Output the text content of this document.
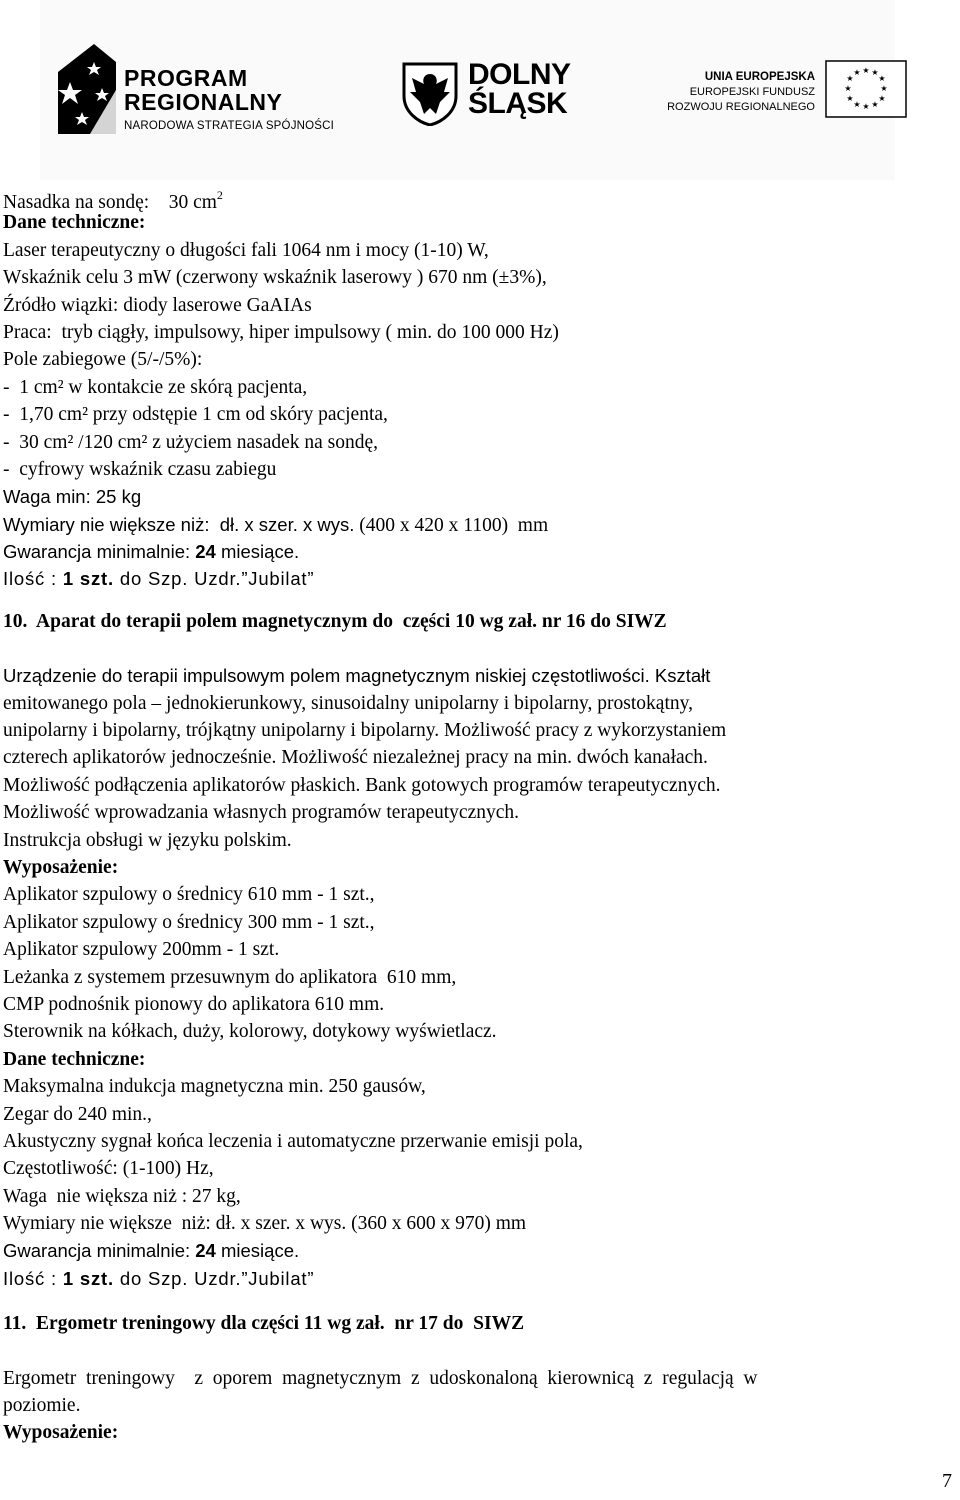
PROGRAM
REGIONALNY
NARODOWA STRATEGIA SPÓJNOŚCI
DOLNY
ŚLĄSK
UNIA EUROPEJSKA
EUROPEJSKI FUNDUSZ
ROZWOJU REGIONALNEGO
★ ★
★
★
★
★
★
★
★
★
★
★
Nasadka na sondę:    30 $cm^2$
Dane techniczne:
Laser terapeutyczny o długości fali 1064 nm i mocy (1-10) W,
Wskaźnik celu 3 mW (czerwony wskaźnik laserowy ) 670 nm (±3%),
Źródło wiązki: diody laserowe GaAIAs
Praca:  tryb ciągły, impulsowy, hiper impulsowy ( min. do 100 000 Hz)
Pole zabiegowe (5/-/5%):
-  1 cm² w kontakcie ze skórą pacjenta,
-  1,70 cm² przy odstępie 1 cm od skóry pacjenta,
-  30 cm² /120 cm² z użyciem nasadek na sondę,
-  cyfrowy wskaźnik czasu zabiegu
Waga min: 25 kg
Wymiary nie większe niż:  dł. x szer. x wys. (400 x 420 x 1100)  mm
Gwarancja minimalnie: 24 miesiące.
Ilość : 1 szt. do Szp. Uzdr.”Jubilat”
10.  Aparat do terapii polem magnetycznym do  części 10 wg zał. nr 16 do SIWZ
Urządzenie do terapii impulsowym polem magnetycznym niskiej częstotliwości. Kształt
emitowanego pola – jednokierunkowy, sinusoidalny unipolarny i bipolarny, prostokątny,
unipolarny i bipolarny, trójkątny unipolarny i bipolarny. Możliwość pracy z wykorzystaniem
czterech aplikatorów jednocześnie. Możliwość niezależnej pracy na min. dwóch kanałach.
Możliwość podłączenia aplikatorów płaskich. Bank gotowych programów terapeutycznych.
Możliwość wprowadzania własnych programów terapeutycznych.
Instrukcja obsługi w języku polskim.
Wyposażenie:
Aplikator szpulowy o średnicy 610 mm - 1 szt.,
Aplikator szpulowy o średnicy 300 mm - 1 szt.,
Aplikator szpulowy 200mm - 1 szt.
Leżanka z systemem przesuwnym do aplikatora  610 mm,
CMP podnośnik pionowy do aplikatora 610 mm.
Sterownik na kółkach, duży, kolorowy, dotykowy wyświetlacz.
Dane techniczne:
Maksymalna indukcja magnetyczna min. 250 gausów,
Zegar do 240 min.,
Akustyczny sygnał końca leczenia i automatyczne przerwanie emisji pola,
Częstotliwość: (1-100) Hz,
Waga  nie większa niż : 27 kg,
Wymiary nie większe  niż: dł. x szer. x wys. (360 x 600 x 970) mm
Gwarancja minimalnie: 24 miesiące.
Ilość : 1 szt. do Szp. Uzdr.”Jubilat”
11.  Ergometr treningowy dla części 11 wg zał.  nr 17 do  SIWZ
Ergometr  treningowy    z  oporem  magnetycznym  z  udoskonaloną  kierownicą  z  regulacją  w
poziomie.
Wyposażenie:
7
